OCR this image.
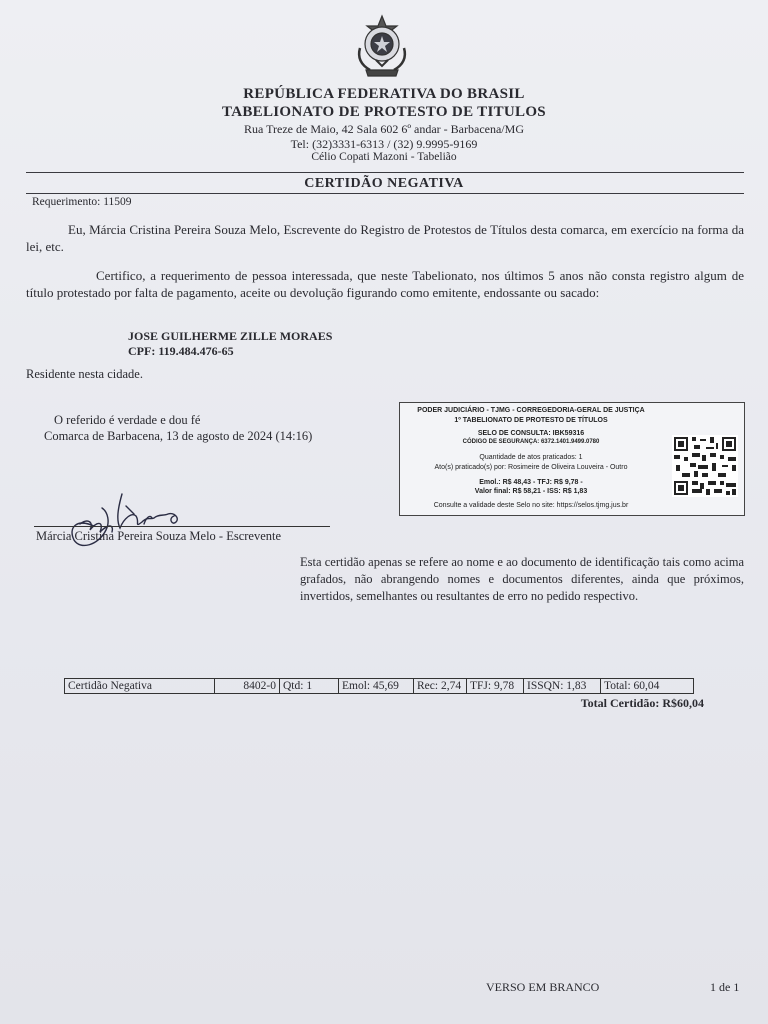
REPÚBLICA FEDERATIVA DO BRASIL
TABELIONATO DE PROTESTO DE TITULOS
Rua Treze de Maio, 42 Sala 602 6º andar - Barbacena/MG
Tel: (32)3331-6313 / (32) 9.9995-9169
Célio Copati Mazoni - Tabelião
CERTIDÃO NEGATIVA
Requerimento: 11509
Eu, Márcia Cristina Pereira Souza Melo, Escrevente do Registro de Protestos de Títulos desta comarca, em exercício na forma da lei, etc.
Certifico, a requerimento de pessoa interessada, que neste Tabelionato, nos últimos 5 anos não consta registro algum de título protestado por falta de pagamento, aceite ou devolução figurando como emitente, endossante ou sacado:
JOSE GUILHERME ZILLE MORAES
CPF: 119.484.476-65
Residente nesta cidade.
O referido é verdade e dou fé
Comarca de Barbacena, 13 de agosto de 2024 (14:16)
PODER JUDICIÁRIO - TJMG - CORREGEDORIA-GERAL DE JUSTIÇA
1º TABELIONATO DE PROTESTO DE TÍTULOS
SELO DE CONSULTA: IBK59316
CÓDIGO DE SEGURANÇA: 6372.1401.9499.0780
Quantidade de atos praticados: 1
Ato(s) praticado(s) por: Rosimeire de Oliveira Louveira - Outro
Emol.: R$ 48,43 - TFJ: R$ 9,78 -
Valor final: R$ 58,21 - ISS: R$ 1,83
Consulte a validade deste Selo no site: https://selos.tjmg.jus.br
Márcia Cristina Pereira Souza Melo - Escrevente
Esta certidão apenas se refere ao nome e ao documento de identificação tais como acima grafados, não abrangendo nomes e documentos diferentes, ainda que próximos, invertidos, semelhantes ou resultantes de erro no pedido respectivo.
Certidão Negativa	8402-0	Qtd: 1	Emol: 45,69	Rec: 2,74	TFJ: 9,78	ISSQN: 1,83	Total: 60,04
Total Certidão: R$60,04
VERSO EM BRANCO	1 de 1
